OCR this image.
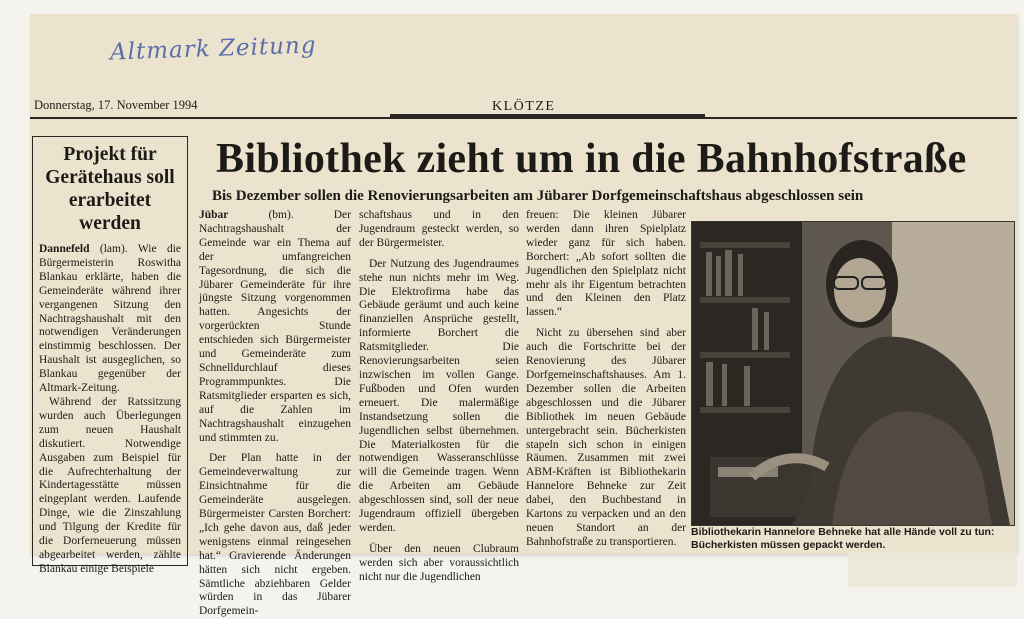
Altmark Zeitung
Donnerstag, 17. November 1994	KLÖTZE
Projekt für Gerätehaus soll erarbeitet werden

Dannefeld (lam). Wie die Bürgermeisterin Roswitha Blankau erklärte, haben die Gemeinderäte während ihrer vergangenen Sitzung den Nachtragshaushalt mit den notwendigen Veränderungen einstimmig beschlossen. Der Haushalt ist ausgeglichen, so Blankau gegenüber der Altmark-Zeitung.

Während der Ratssitzung wurden auch Überlegungen zum neuen Haushalt diskutiert. Notwendige Ausgaben zum Beispiel für die Aufrechterhaltung der Kindertagesstätte müssen eingeplant werden. Laufende Dinge, wie die Zinszahlung und Tilgung der Kredite für die Dorferneuerung müssen abgearbeitet werden, zählte Blankau einige Beispiele

Bibliothek zieht um in die Bahnhofstraße
Bis Dezember sollen die Renovierungsarbeiten am Jübarer Dorfgemeinschaftshaus abgeschlossen sein

Jübar (bm). Der Nachtragshaushalt der Gemeinde war ein Thema auf der umfangreichen Tagesordnung, die sich die Jübarer Gemeinderäte für ihre jüngste Sitzung vorgenommen hatten. Angesichts der vorgerückten Stunde entschieden sich Bürgermeister und Gemeinderäte zum Schnelldurchlauf dieses Programmpunktes. Die Ratsmitglieder ersparten es sich, auf die Zahlen im Nachtragshaushalt einzugehen und stimmten zu.

Der Plan hatte in der Gemeindeverwaltung zur Einsichtnahme für die Gemeinderäte ausgelegen. Bürgermeister Carsten Borchert: „Ich gehe davon aus, daß jeder wenigstens einmal reingesehen hat.“ Gravierende Änderungen hätten sich nicht ergeben. Sämtliche abziehbaren Gelder würden in das Jübarer Dorfgemein-

schaftshaus und in den Jugendraum gesteckt werden, so der Bürgermeister.

Der Nutzung des Jugendraumes stehe nun nichts mehr im Weg. Die Elektrofirma habe das Gebäude geräumt und auch keine finanziellen Ansprüche gestellt, informierte Borchert die Ratsmitglieder. Die Renovierungsarbeiten seien inzwischen im vollen Gange. Fußboden und Ofen wurden erneuert. Die malermäßige Instandsetzung sollen die Jugendlichen selbst übernehmen. Die Materialkosten für die notwendigen Wasseranschlüsse will die Gemeinde tragen. Wenn die Arbeiten am Gebäude abgeschlossen sind, soll der neue Jugendraum offiziell übergeben werden.

Über den neuen Clubraum werden sich aber voraussichtlich nicht nur die Jugendlichen

freuen: Die kleinen Jübarer werden dann ihren Spielplatz wieder ganz für sich haben. Borchert: „Ab sofort sollten die Jugendlichen den Spielplatz nicht mehr als ihr Eigentum betrachten und den Kleinen den Platz lassen.“

Nicht zu übersehen sind aber auch die Fortschritte bei der Renovierung des Jübarer Dorfgemeinschaftshauses. Am 1. Dezember sollen die Arbeiten abgeschlossen und die Jübarer Bibliothek im neuen Gebäude untergebracht sein. Bücherkisten stapeln sich schon in einigen Räumen. Zusammen mit zwei ABM-Kräften ist Bibliothekarin Hannelore Behneke zur Zeit dabei, den Buchbestand in Kartons zu verpacken und an den neuen Standort an der Bahnhofstraße zu transportieren.

Bibliothekarin Hannelore Behneke hat alle Hände voll zu tun: Bücherkisten müssen gepackt werden.
